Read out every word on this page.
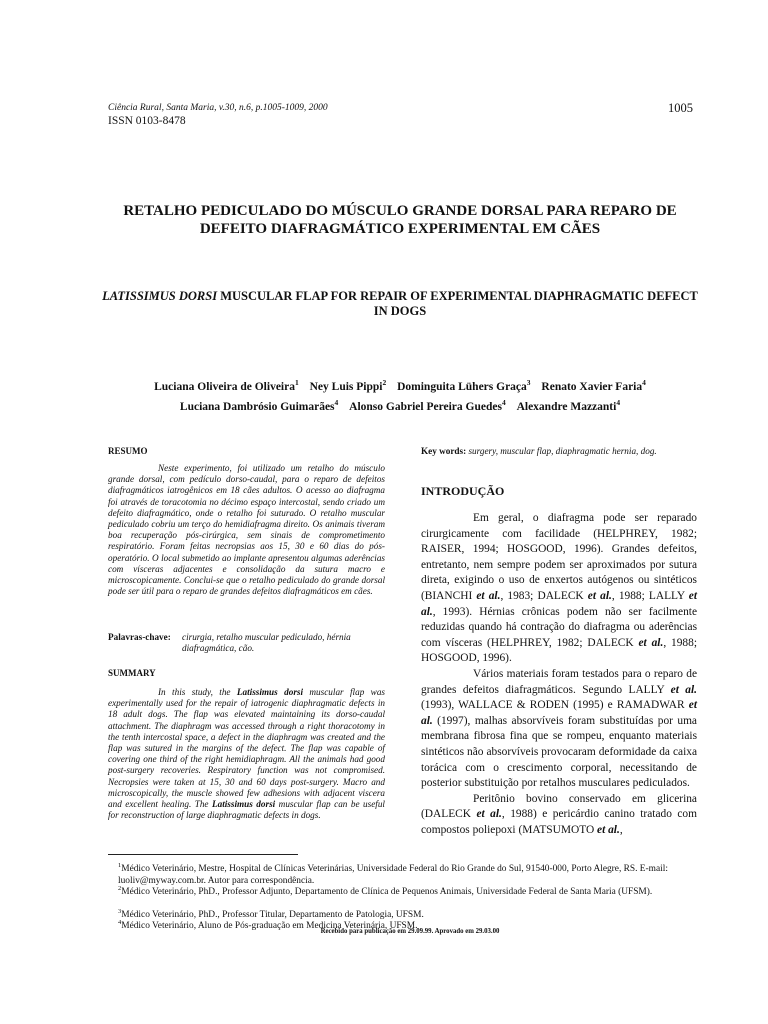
Ciência Rural, Santa Maria, v.30, n.6, p.1005-1009, 2000	1005
ISSN 0103-8478
RETALHO PEDICULADO DO MÚSCULO GRANDE DORSAL PARA REPARO DE DEFEITO DIAFRAGMÁTICO EXPERIMENTAL EM CÃES
LATISSIMUS DORSI MUSCULAR FLAP FOR REPAIR OF EXPERIMENTAL DIAPHRAGMATIC DEFECT IN DOGS
Luciana Oliveira de Oliveira$^1$ Ney Luis Pippi$^2$ Dominguita Lühers Graça$^3$ Renato Xavier Faria$^4$
Luciana Dambrósio Guimarães$^4$ Alonso Gabriel Pereira Guedes$^4$ Alexandre Mazzanti$^4$
RESUMO
Neste experimento, foi utilizado um retalho do músculo grande dorsal, com pedículo dorso-caudal, para o reparo de defeitos diafragmáticos iatrogênicos em 18 cães adultos. O acesso ao diafragma foi através de toracotomia no décimo espaço intercostal, sendo criado um defeito diafragmático, onde o retalho foi suturado. O retalho muscular pediculado cobriu um terço do hemidiafragma direito. Os animais tiveram boa recuperação pós-cirúrgica, sem sinais de comprometimento respiratório. Foram feitas necropsias aos 15, 30 e 60 dias do pós-operatório. O local submetido ao implante apresentou algumas aderências com vísceras adjacentes e consolidação da sutura macro e microscopicamente. Conclui-se que o retalho pediculado do grande dorsal pode ser útil para o reparo de grandes defeitos diafragmáticos em cães.
Palavras-chave: cirurgia, retalho muscular pediculado, hérnia diafragmática, cão.
SUMMARY
In this study, the Latissimus dorsi muscular flap was experimentally used for the repair of iatrogenic diaphragmatic defects in 18 adult dogs. The flap was elevated maintaining its dorso-caudal attachment. The diaphragm was accessed through a right thoracotomy in the tenth intercostal space, a defect in the diaphragm was created and the flap was sutured in the margins of the defect. The flap was capable of covering one third of the right hemidiaphragm. All the animals had good post-surgery recoveries. Respiratory function was not compromised. Necropsies were taken at 15, 30 and 60 days post-surgery. Macro and microscopically, the muscle showed few adhesions with adjacent viscera and excellent healing. The Latissimus dorsi muscular flap can be useful for reconstruction of large diaphragmatic defects in dogs.
Key words: surgery, muscular flap, diaphragmatic hernia, dog.
INTRODUÇÃO

Em geral, o diafragma pode ser reparado cirurgicamente com facilidade (HELPHREY, 1982; RAISER, 1994; HOSGOOD, 1996). Grandes defeitos, entretanto, nem sempre podem ser aproximados por sutura direta, exigindo o uso de enxertos autógenos ou sintéticos (BIANCHI et al., 1983; DALECK et al., 1988; LALLY et al., 1993). Hérnias crônicas podem não ser facilmente reduzidas quando há contração do diafragma ou aderências com vísceras (HELPHREY, 1982; DALECK et al., 1988; HOSGOOD, 1996).

Vários materiais foram testados para o reparo de grandes defeitos diafragmáticos. Segundo LALLY et al. (1993), WALLACE & RODEN (1995) e RAMADWAR et al. (1997), malhas absorvíveis foram substituídas por uma membrana fibrosa fina que se rompeu, enquanto materiais sintéticos não absorvíveis provocaram deformidade da caixa torácica com o crescimento corporal, necessitando de posterior substituição por retalhos musculares pediculados.

Peritônio bovino conservado em glicerina (DALECK et al., 1988) e pericárdio canino tratado com compostos poliepoxi (MATSUMOTO et al.,

$^1$Médico Veterinário, Mestre, Hospital de Clínicas Veterinárias, Universidade Federal do Rio Grande do Sul, 91540-000, Porto Alegre, RS. E-mail: luoliv@myway.com.br. Autor para correspondência.
$^2$Médico Veterinário, PhD., Professor Adjunto, Departamento de Clínica de Pequenos Animais, Universidade Federal de Santa Maria (UFSM).
$^3$Médico Veterinário, PhD., Professor Titular, Departamento de Patologia, UFSM.
$^4$Médico Veterinário, Aluno de Pós-graduação em Medicina Veterinária, UFSM.
Recebido para publicação em 29.09.99. Aprovado em 29.03.00
